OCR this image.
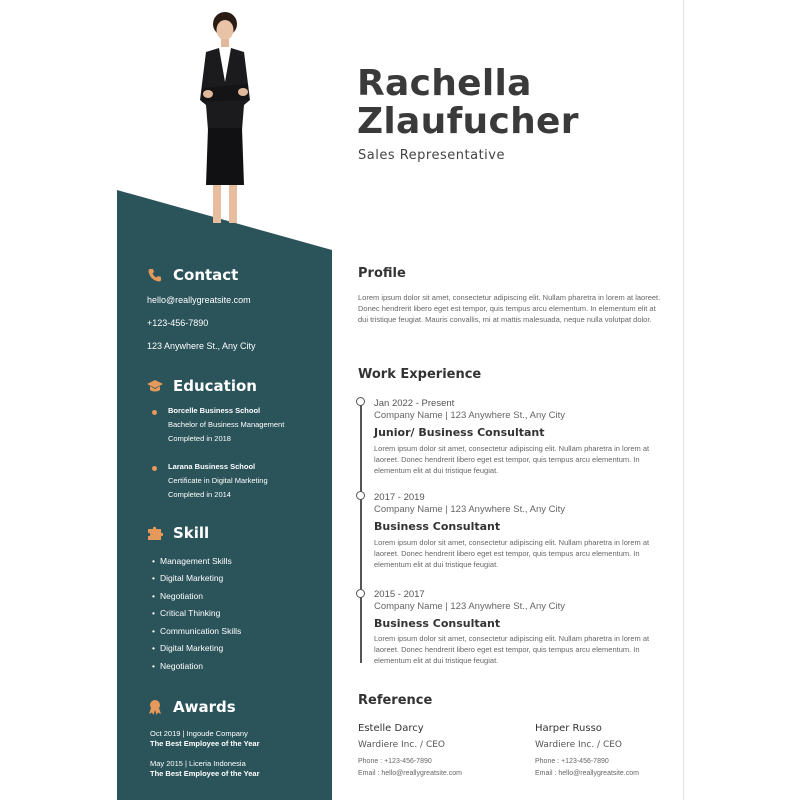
Contact
hello@reallygreatsite.com
+123-456-7890
123 Anywhere St., Any City
Education
Borcelle Business School
Bachelor of Business Management
Completed in 2018
Larana Business School
Certificate in Digital Marketing
Completed in 2014
Skill
• Management Skills
• Digital Marketing
• Negotiation
• Critical Thinking
• Communication Skills
• Digital Marketing
• Negotiation
Awards
Oct 2019 | Ingoude Company
The Best Employee of the Year
May 2015 | Liceria Indonesia
The Best Employee of the Year
Rachella
Zlaufucher
Sales Representative
Profile
Lorem ipsum dolor sit amet, consectetur adipiscing elit. Nullam pharetra in lorem at laoreet. Donec hendrerit libero eget est tempor, quis tempus arcu elementum. In elementum elit at dui tristique feugiat. Mauris convallis, mi at mattis malesuada, neque nulla volutpat dolor.
Work Experience
Jan 2022 - Present
Company Name | 123 Anywhere St., Any City
Junior/ Business Consultant
Lorem ipsum dolor sit amet, consectetur adipiscing elit. Nullam pharetra in lorem at laoreet. Donec hendrerit libero eget est tempor, quis tempus arcu elementum. In elementum elit at dui tristique feugiat.
2017 - 2019
Company Name | 123 Anywhere St., Any City
Business Consultant
Lorem ipsum dolor sit amet, consectetur adipiscing elit. Nullam pharetra in lorem at laoreet. Donec hendrerit libero eget est tempor, quis tempus arcu elementum. In elementum elit at dui tristique feugiat.
2015 - 2017
Company Name | 123 Anywhere St., Any City
Business Consultant
Lorem ipsum dolor sit amet, consectetur adipiscing elit. Nullam pharetra in lorem at laoreet. Donec hendrerit libero eget est tempor, quis tempus arcu elementum. In elementum elit at dui tristique feugiat.
Reference
Estelle Darcy
Wardiere Inc. / CEO
Phone : +123-456-7890
Email : hello@reallygreatsite.com
Harper Russo
Wardiere Inc. / CEO
Phone : +123-456-7890
Email : hello@reallygreatsite.com
